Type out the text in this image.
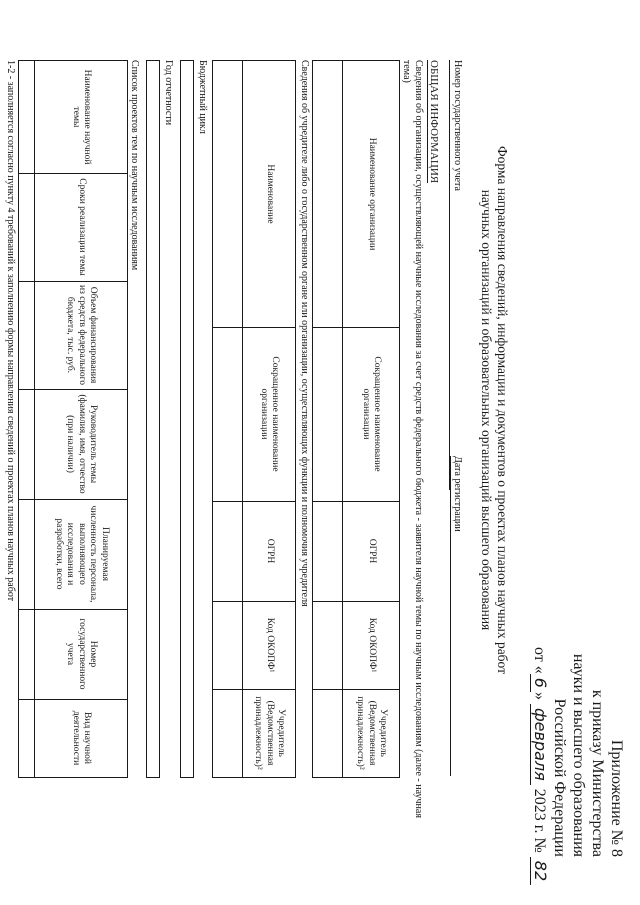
Приложение № 8
к приказу Министерства
науки и высшего образования
Российской Федерации
от «6» февраля 2023 г. № 82
Форма направления сведений, информации и документов о проектах планов научных работ
научных организаций и образовательных организаций высшего образования
Номер государственного учета
Дата регистрации
ОБЩАЯ ИНФОРМАЦИЯ
Сведения об организации, осуществляющей научные исследования за счет средств федерального бюджета - заявителя научной темы по научным исследованиям (далее - научная
тема)
Наименование организации
Сокращенное наименование организации
ОГРН
Код ОКОПФ¹
Учредитель (Ведомственная принадлежность)²
Сведения об учредителе либо о государственном органе или организации, осуществляющих функции и полномочия учредителя
Наименование
Сокращенное наименование организации
ОГРН
Код ОКОПФ¹
Учредитель (Ведомственная принадлежность)²
Бюджетный цикл
Год отчетности
Список проектов тем по научным исследованиям
Наименование научной темы
Сроки реализации темы
Объем финансирования из средств федерального бюджета, тыс. руб.
Руководитель темы (фамилия, имя, отчество (при наличии)
Планируемая численность персонала, выполняющего исследования и разработки, всего
Номер государственного учета
Вид научной деятельности
1-2 - заполняется согласно пункту 4 требований к заполнению формы направления сведений о проектах планов научных работ
